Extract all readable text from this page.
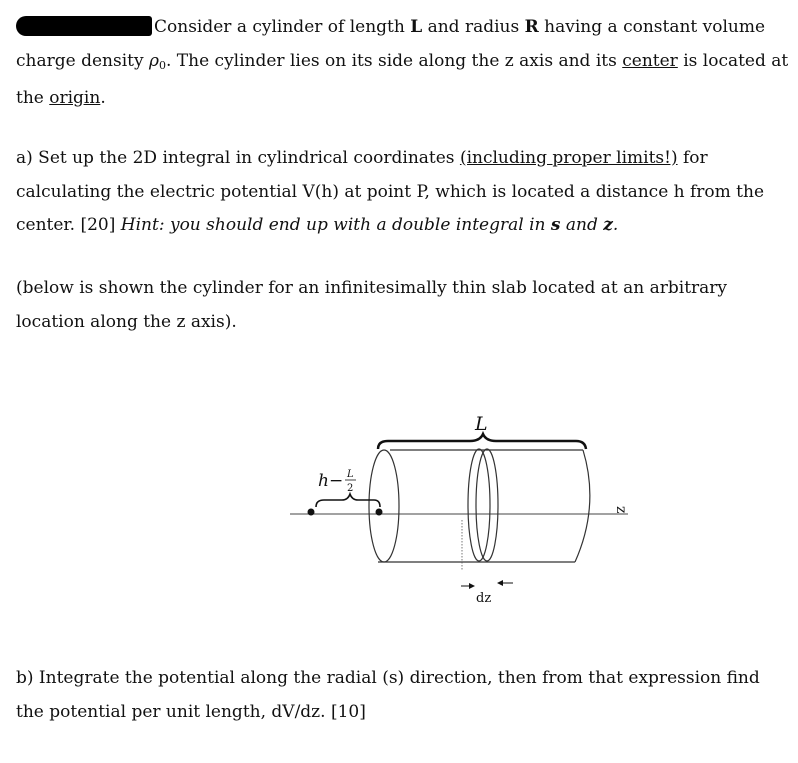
Consider a cylinder of length L and radius R having a constant volume charge density $\rho_0$. The cylinder lies on its side along the z axis and its center is located at the origin.
a) Set up the 2D integral in cylindrical coordinates (including proper limits!) for calculating the electric potential V(h) at point P, which is located a distance h from the center. [20] Hint: you should end up with a double integral in s and z.
(below is shown the cylinder for an infinitesimally thin slab located at an arbitrary location along the z axis).
L
h− L
2
z
dz
b) Integrate the potential along the radial (s) direction, then from that expression find the potential per unit length, dV/dz. [10]
